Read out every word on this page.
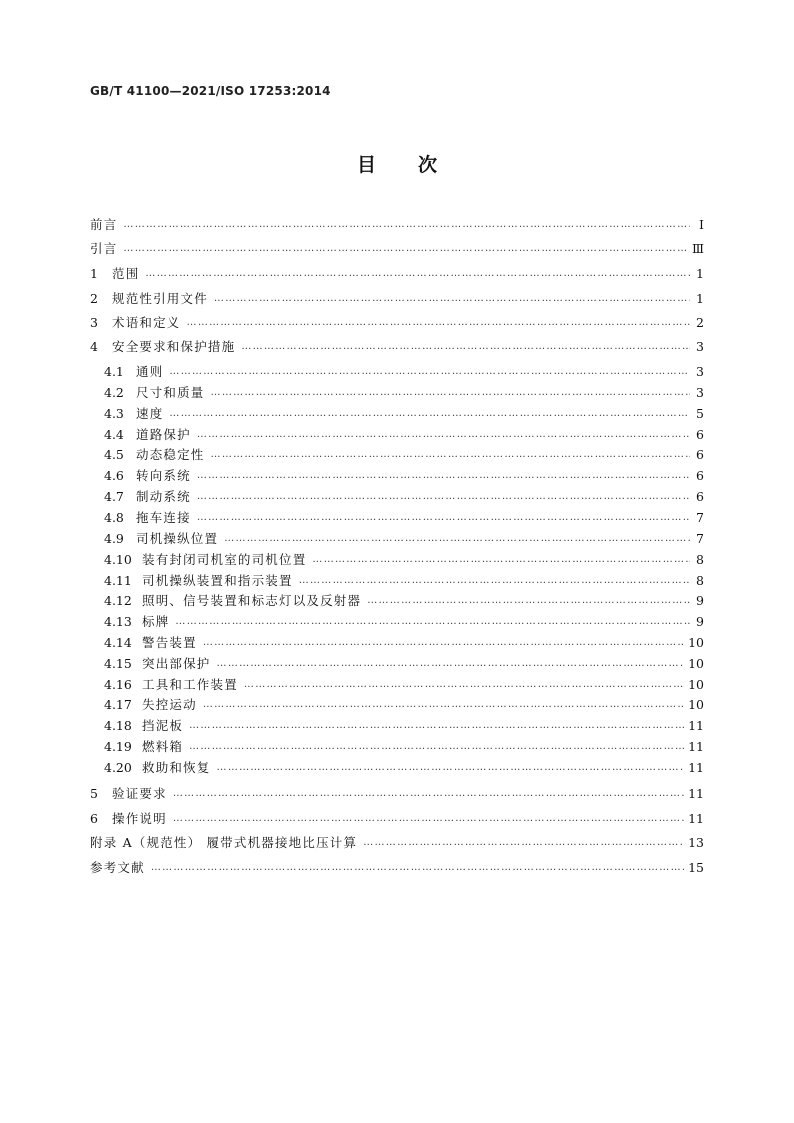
GB/T 41100—2021/ISO 17253:2014
目次
前言 …………………………………………………………………………………………………………………………………………………………………………………………	Ⅰ
引言 …………………………………………………………………………………………………………………………………………………………………………………………	Ⅲ
1	范围 …………………………………………………………………………………………………………………………………………………………………………………………	1
2	规范性引用文件 …………………………………………………………………………………………………………………………………………………………………………………………	1
3	术语和定义 …………………………………………………………………………………………………………………………………………………………………………………………	2
4	安全要求和保护措施 …………………………………………………………………………………………………………………………………………………………………………………………	3
4.1 通则 …………………………………………………………………………………………………………………………………………………………………………………………	3
4.2 尺寸和质量 …………………………………………………………………………………………………………………………………………………………………………………………	3
4.3 速度 …………………………………………………………………………………………………………………………………………………………………………………………	5
4.4 道路保护 …………………………………………………………………………………………………………………………………………………………………………………………	6
4.5 动态稳定性 …………………………………………………………………………………………………………………………………………………………………………………………	6
4.6 转向系统 …………………………………………………………………………………………………………………………………………………………………………………………	6
4.7 制动系统 …………………………………………………………………………………………………………………………………………………………………………………………	6
4.8 拖车连接 …………………………………………………………………………………………………………………………………………………………………………………………	7
4.9 司机操纵位置 …………………………………………………………………………………………………………………………………………………………………………………………	7
4.10 装有封闭司机室的司机位置 …………………………………………………………………………………………………………………………………………………………………………………………	8
4.11 司机操纵装置和指示装置 …………………………………………………………………………………………………………………………………………………………………………………………	8
4.12 照明、信号装置和标志灯以及反射器 …………………………………………………………………………………………………………………………………………………………………………………………	9
4.13 标牌 …………………………………………………………………………………………………………………………………………………………………………………………	9
4.14 警告装置 …………………………………………………………………………………………………………………………………………………………………………………………	10
4.15 突出部保护 …………………………………………………………………………………………………………………………………………………………………………………………	10
4.16 工具和工作装置 …………………………………………………………………………………………………………………………………………………………………………………………	10
4.17 失控运动 …………………………………………………………………………………………………………………………………………………………………………………………	10
4.18 挡泥板 …………………………………………………………………………………………………………………………………………………………………………………………	11
4.19 燃料箱 …………………………………………………………………………………………………………………………………………………………………………………………	11
4.20 救助和恢复 …………………………………………………………………………………………………………………………………………………………………………………………	11
5	验证要求 …………………………………………………………………………………………………………………………………………………………………………………………	11
6	操作说明 …………………………………………………………………………………………………………………………………………………………………………………………	11
附录 A（规范性） 履带式机器接地比压计算 …………………………………………………………………………………………………………………………………………………………………………………………	13
参考文献 …………………………………………………………………………………………………………………………………………………………………………………………	15
